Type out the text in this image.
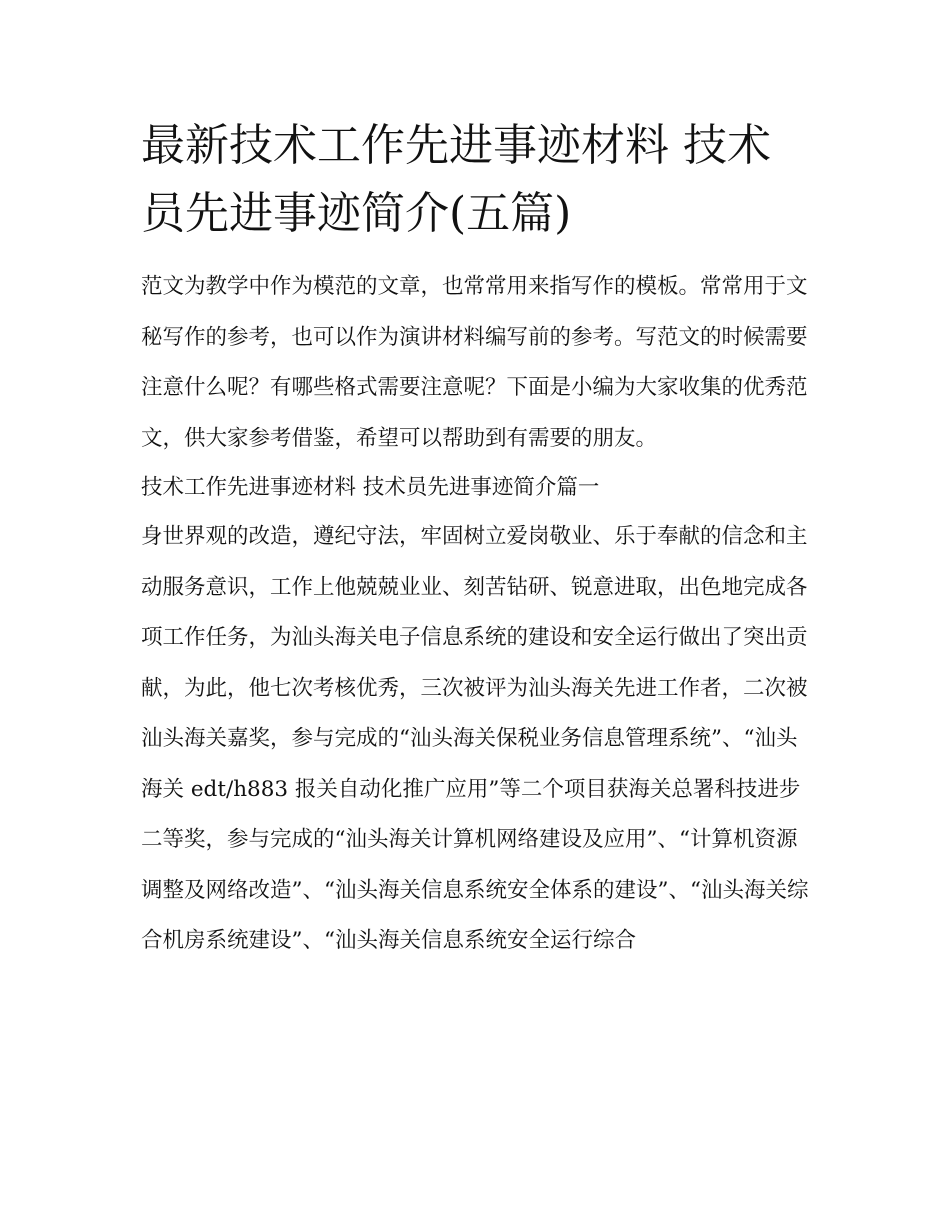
最新技术工作先进事迹材料 技术员先进事迹简介(五篇)

范文为教学中作为模范的文章，也常常用来指写作的模板。常常用于文秘写作的参考，也可以作为演讲材料编写前的参考。写范文的时候需要注意什么呢？有哪些格式需要注意呢？下面是小编为大家收集的优秀范文，供大家参考借鉴，希望可以帮助到有需要的朋友。

技术工作先进事迹材料 技术员先进事迹简介篇一

身世界观的改造，遵纪守法，牢固树立爱岗敬业、乐于奉献的信念和主动服务意识，工作上他兢兢业业、刻苦钻研、锐意进取，出色地完成各项工作任务，为汕头海关电子信息系统的建设和安全运行做出了突出贡献，为此，他七次考核优秀，三次被评为汕头海关先进工作者，二次被汕头海关嘉奖，参与完成的“汕头海关保税业务信息管理系统”、“汕头海关 edt/h883 报关自动化推广应用”等二个项目获海关总署科技进步二等奖，参与完成的“汕头海关计算机网络建设及应用”、“计算机资源调整及网络改造”、“汕头海关信息系统安全体系的建设”、“汕头海关综合机房系统建设”、“汕头海关信息系统安全运行综合
